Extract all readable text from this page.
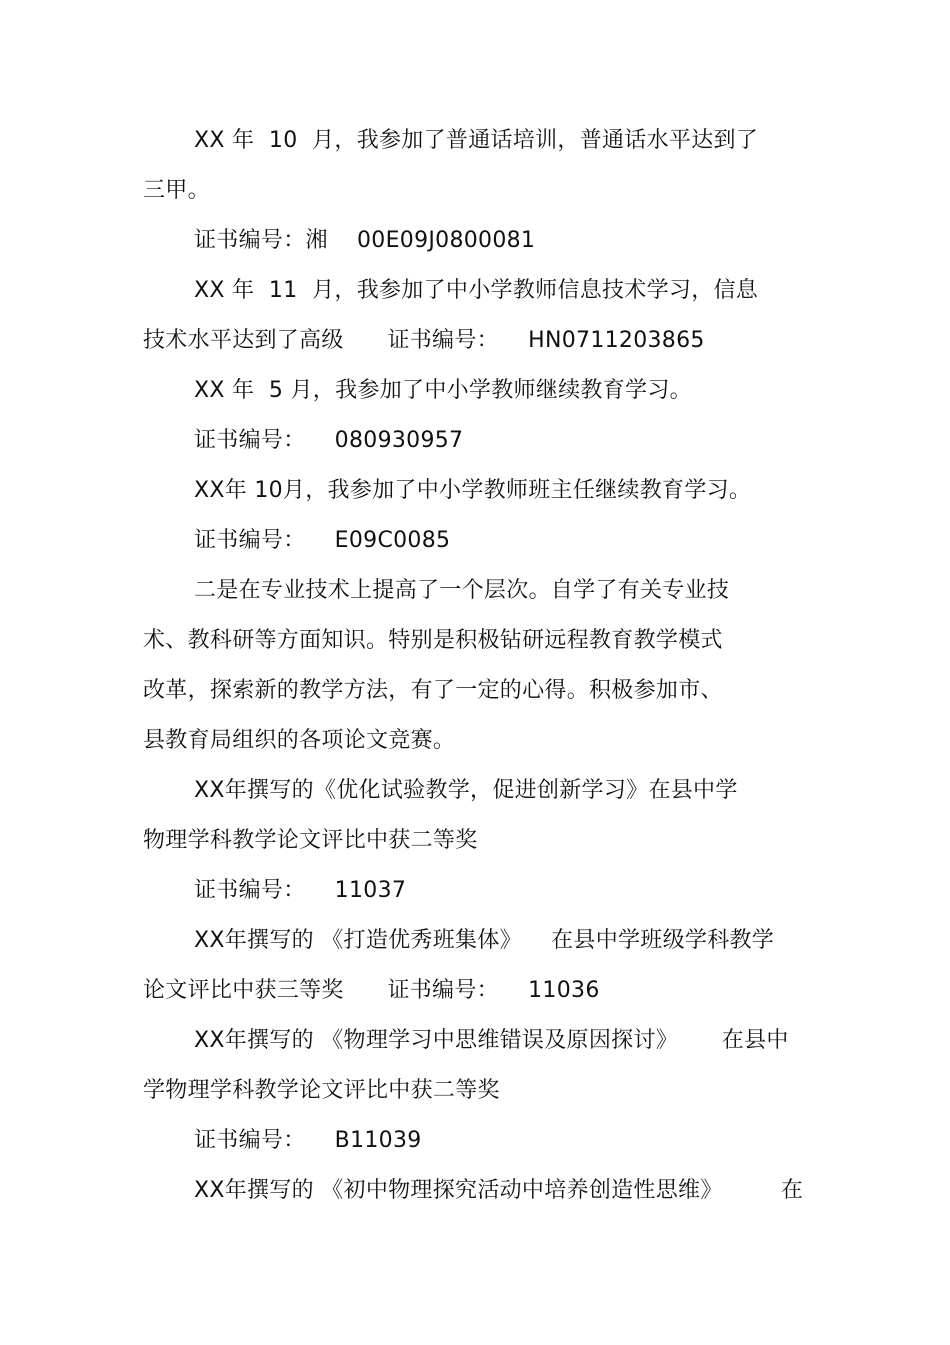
XX 年  10  月，我参加了普通话培训，普通话水平达到了
三甲。
证书编号：湘    00E09J0800081
XX 年  11  月，我参加了中小学教师信息技术学习，信息
技术水平达到了高级      证书编号：    HN0711203865
XX 年  5 月，我参加了中小学教师继续教育学习。
证书编号：    080930957
XX年 10月，我参加了中小学教师班主任继续教育学习。
证书编号：    E09C0085
二是在专业技术上提高了一个层次。自学了有关专业技
术、教科研等方面知识。特别是积极钻研远程教育教学模式
改革，探索新的教学方法，有了一定的心得。积极参加市、
县教育局组织的各项论文竞赛。
XX年撰写的《优化试验教学，促进创新学习》在县中学
物理学科教学论文评比中获二等奖
证书编号：    11037
XX年撰写的 《打造优秀班集体》    在县中学班级学科教学
论文评比中获三等奖      证书编号：    11036
XX年撰写的 《物理学习中思维错误及原因探讨》      在县中
学物理学科教学论文评比中获二等奖
证书编号：    B11039
XX年撰写的 《初中物理探究活动中培养创造性思维》        在
